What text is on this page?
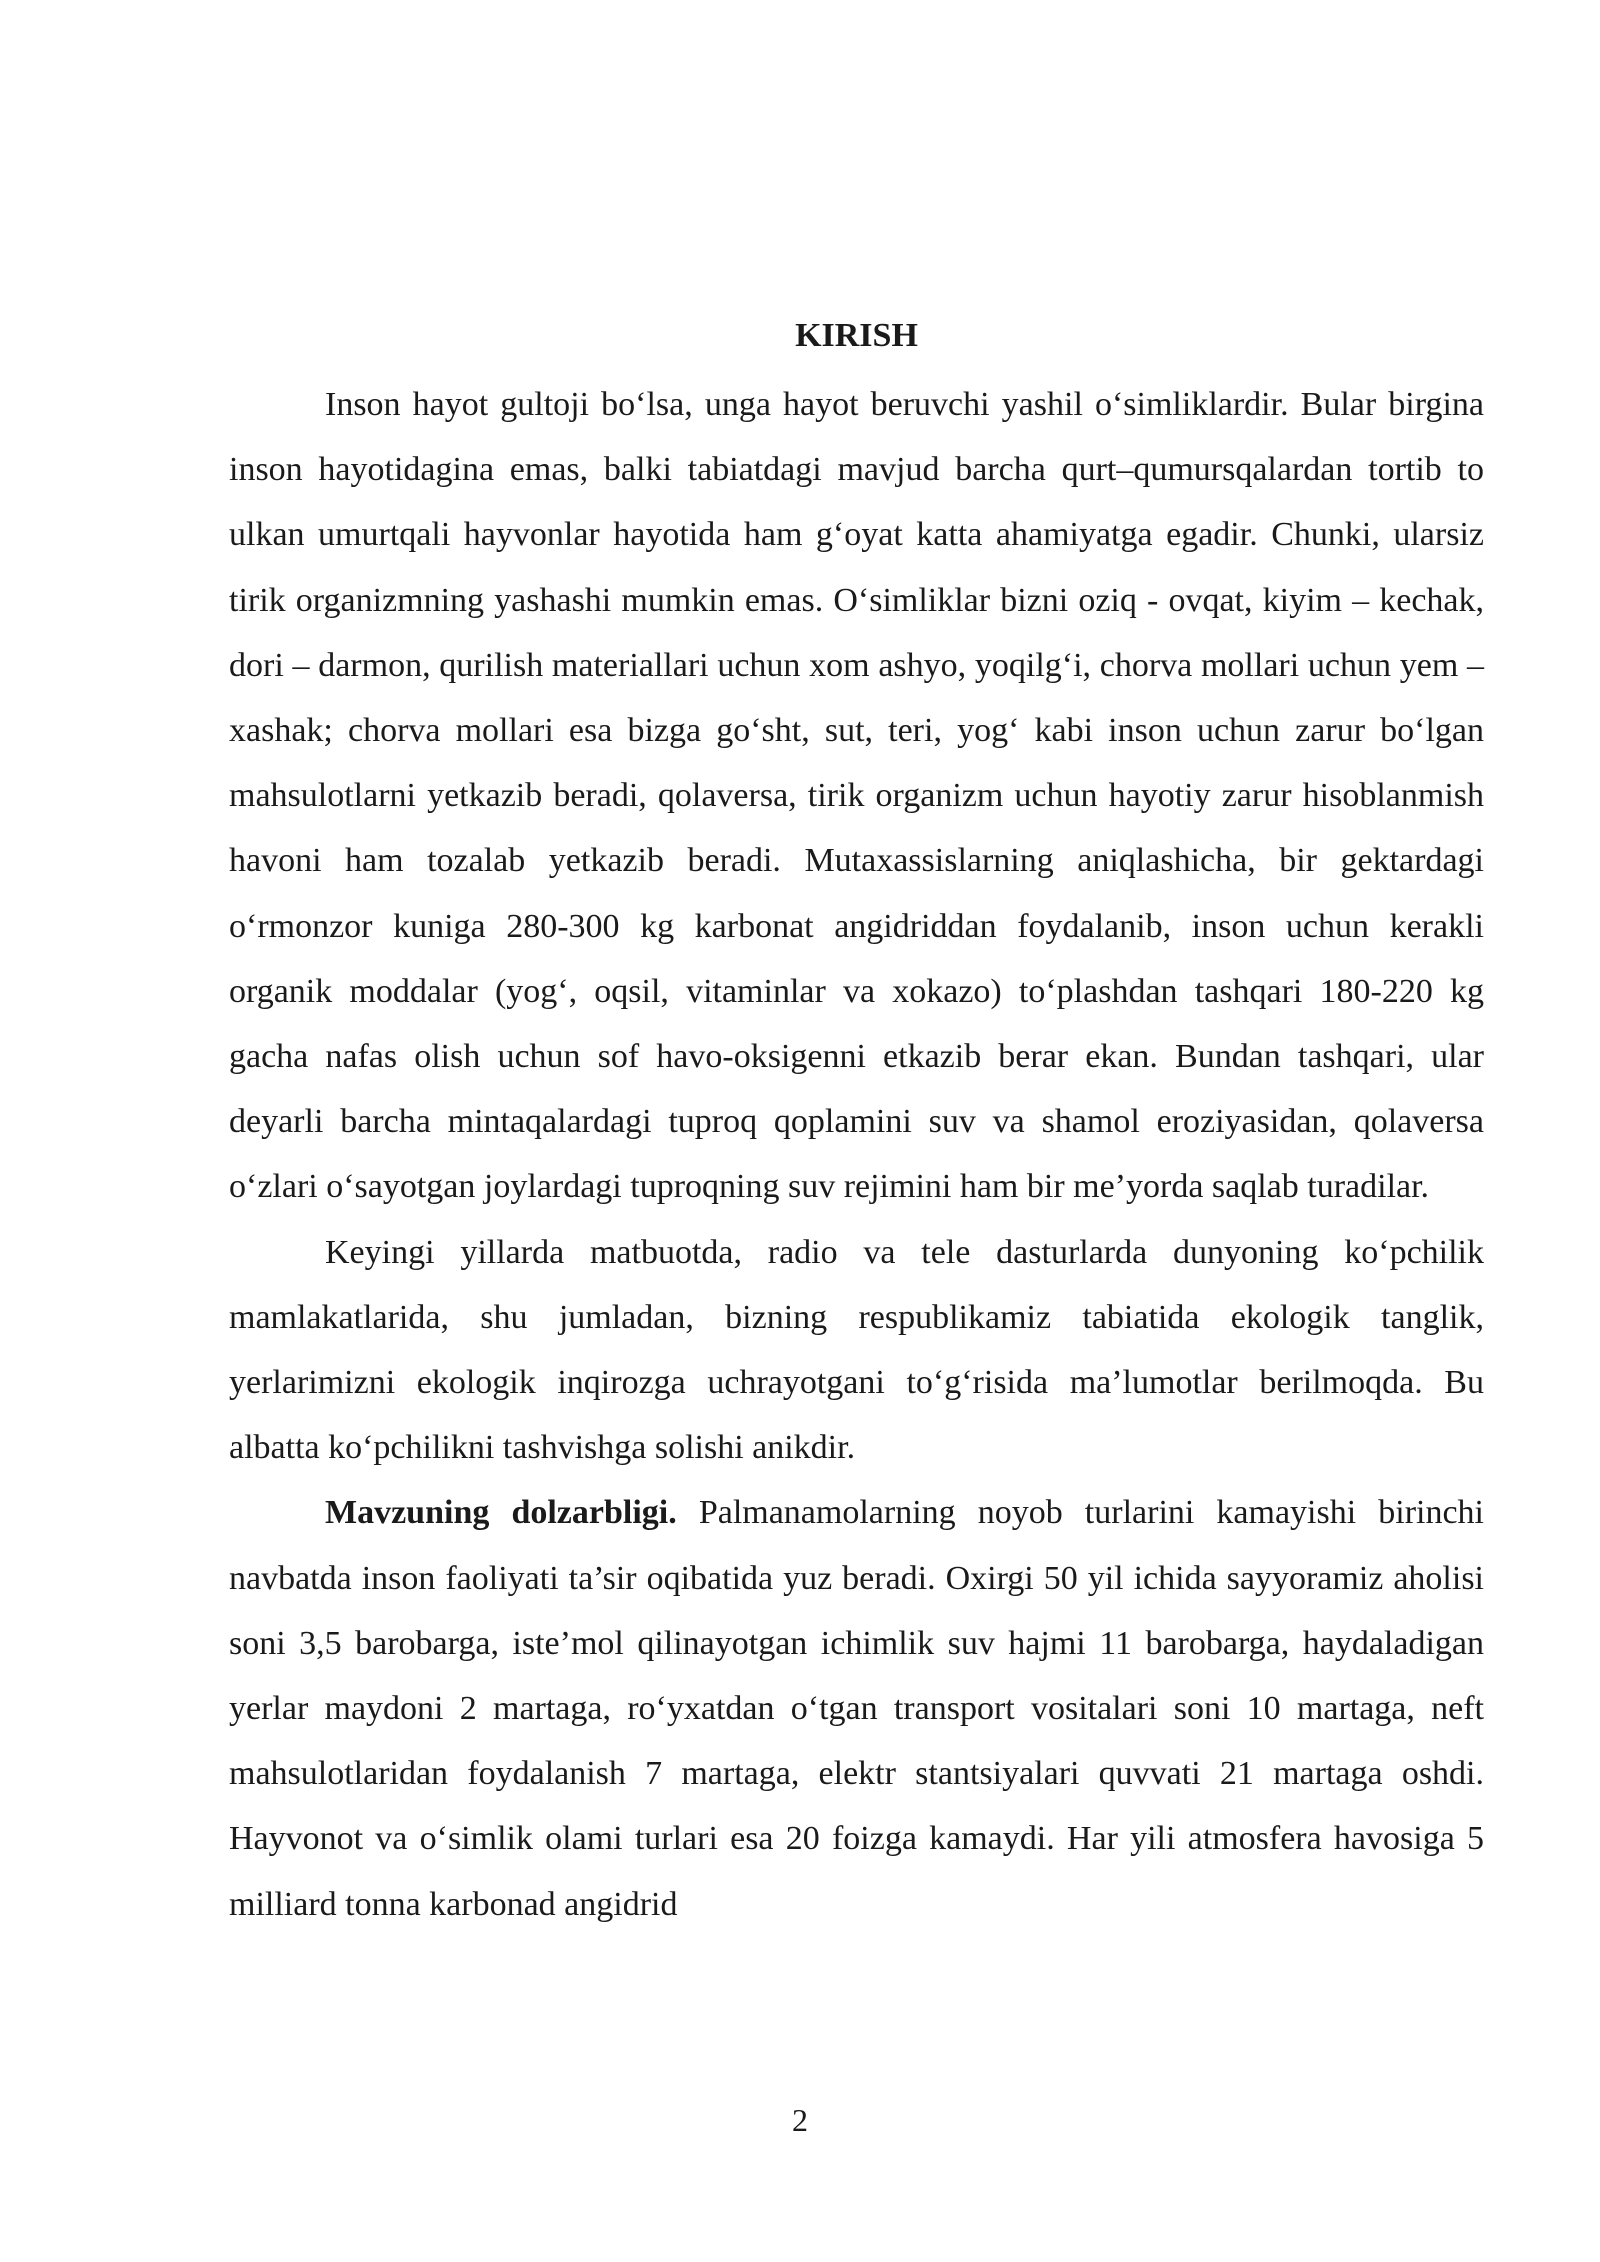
KIRISH

Inson hayot gultoji bo‘lsa, unga hayot beruvchi yashil o‘simliklardir. Bular birgina inson hayotidagina emas, balki tabiatdagi mavjud barcha qurt–qumursqalardan tortib to ulkan umurtqali hayvonlar hayotida ham g‘oyat katta ahamiyatga egadir. Chunki, ularsiz tirik organizmning yashashi mumkin emas. O‘simliklar bizni oziq - ovqat, kiyim – kechak, dori – darmon, qurilish materiallari uchun xom ashyo, yoqilg‘i, chorva mollari uchun yem – xashak; chorva mollari esa bizga go‘sht, sut, teri, yog‘ kabi inson uchun zarur bo‘lgan mahsulotlarni yetkazib beradi, qolaversa, tirik organizm uchun hayotiy zarur hisoblanmish havoni ham tozalab yetkazib beradi. Mutaxassislarning aniqlashicha, bir gektardagi o‘rmonzor kuniga 280-300 kg karbonat angidriddan foydalanib, inson uchun kerakli organik moddalar (yog‘, oqsil, vitaminlar va xokazo) to‘plashdan tashqari 180-220 kg gacha nafas olish uchun sof havo-oksigenni etkazib berar ekan. Bundan tashqari, ular deyarli barcha mintaqalardagi tuproq qoplamini suv va shamol eroziyasidan, qolaversa o‘zlari o‘sayotgan joylardagi tuproqning suv rejimini ham bir me’yorda saqlab turadilar.

Keyingi yillarda matbuotda, radio va tele dasturlarda dunyoning ko‘pchilik mamlakatlarida, shu jumladan, bizning respublikamiz tabiatida ekologik tanglik, yerlarimizni ekologik inqirozga uchrayotgani to‘g‘risida ma’lumotlar berilmoqda. Bu albatta ko‘pchilikni tashvishga solishi anikdir.

Mavzuning dolzarbligi. Palmanamolarning noyob turlarini kamayishi birinchi navbatda inson faoliyati ta’sir oqibatida yuz beradi. Oxirgi 50 yil ichida sayyoramiz aholisi soni 3,5 barobarga, iste’mol qilinayotgan ichimlik suv hajmi 11 barobarga, haydaladigan yerlar maydoni 2 martaga, ro‘yxatdan o‘tgan transport vositalari soni 10 martaga, neft mahsulotlaridan foydalanish 7 martaga, elektr stantsiyalari quvvati 21 martaga oshdi. Hayvonot va o‘simlik olami turlari esa 20 foizga kamaydi. Har yili atmosfera havosiga 5 milliard tonna karbonad angidrid

2
